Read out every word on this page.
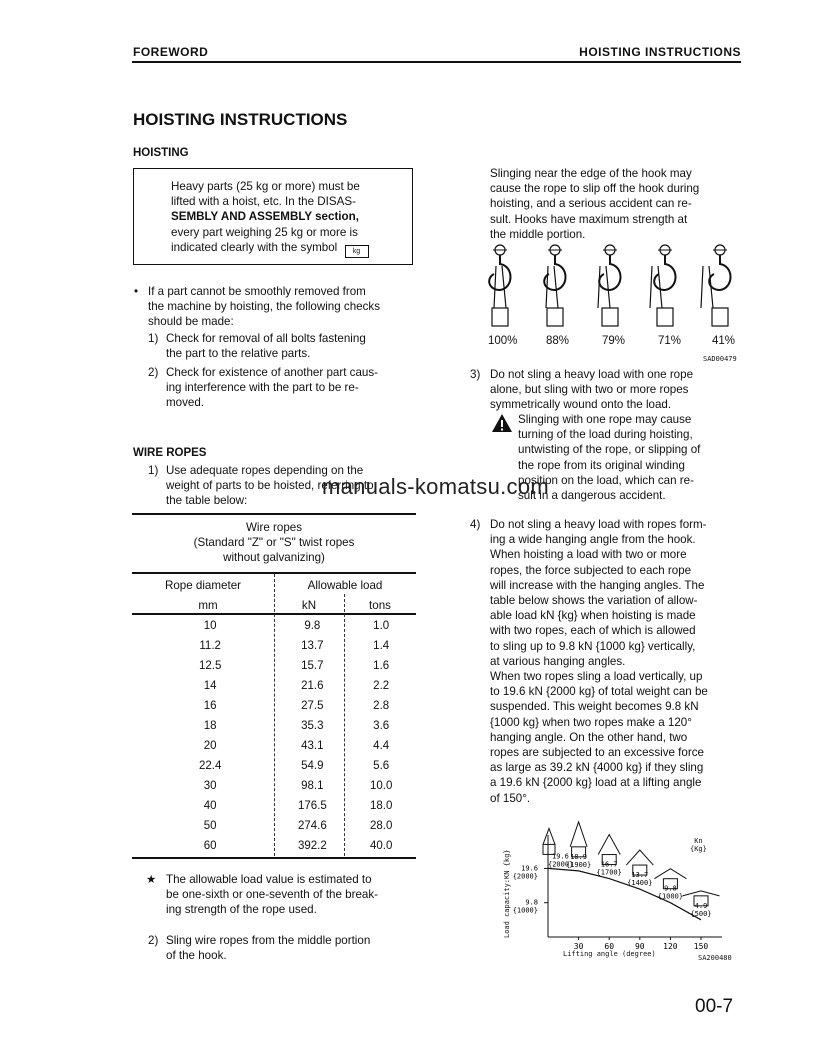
FOREWORD	HOISTING INSTRUCTIONS
HOISTING INSTRUCTIONS
HOISTING
Heavy parts (25 kg or more) must be
lifted with a hoist, etc. In the DISAS-
SEMBLY AND ASSEMBLY section,
every part weighing 25 kg or more is
indicated clearly with the symbol kg
• If a part cannot be smoothly removed from
the machine by hoisting, the following checks
should be made:
1) Check for removal of all bolts fastening
the part to the relative parts.
2) Check for existence of another part caus-
ing interference with the part to be re-
moved.
WIRE ROPES
1) Use adequate ropes depending on the
weight of parts to be hoisted, referring to
the table below:
Wire ropes
(Standard "Z" or "S" twist ropes
without galvanizing)
Rope diameter	Allowable load
mm	kN	tons
10	9.8	1.0
11.2	13.7	1.4
12.5	15.7	1.6
14	21.6	2.2
16	27.5	2.8
18	35.3	3.6
20	43.1	4.4
22.4	54.9	5.6
30	98.1	10.0
40	176.5	18.0
50	274.6	28.0
60	392.2	40.0
★ The allowable load value is estimated to
be one-sixth or one-seventh of the break-
ing strength of the rope used.
2) Sling wire ropes from the middle portion
of the hook.
Slinging near the edge of the hook may
cause the rope to slip off the hook during
hoisting, and a serious accident can re-
sult. Hooks have maximum strength at
the middle portion.
100% 88%	79%	71%	41%
SAD00479
3) Do not sling a heavy load with one rope
alone, but sling with two or more ropes
symmetrically wound onto the load.
Slinging with one rope may cause
turning of the load during hoisting,
untwisting of the rope, or slipping of
the rope from its original winding
position on the load, which can re-
sult in a dangerous accident.
4) Do not sling a heavy load with ropes form-
ing a wide hanging angle from the hook.
When hoisting a load with two or more
ropes, the force subjected to each rope
will increase with the hanging angles. The
table below shows the variation of allow-
able load kN {kg} when hoisting is made
with two ropes, each of which is allowed
to sling up to 9.8 kN {1000 kg} vertically,
at various hanging angles.
When two ropes sling a load vertically, up
to 19.6 kN {2000 kg} of total weight can be
suspended. This weight becomes 9.8 kN
{1000 kg} when two ropes make a 120°
hanging angle. On the other hand, two
ropes are subjected to an excessive force
as large as 39.2 kN {4000 kg} if they sling
a 19.6 kN {2000 kg} load at a lifting angle
of 150°.
30	60	90 120 150
19.6
{2000}
9.8
{1000}
18.9
{1900} 16.7
{1700} 13.7
{1400}
9.8
{1000}
4.9
{500}
19.6
{2000}
Load capacity:KN {kg}
Lifting angle (degree)	SA200480
Kn
{Kg}
manuals-komatsu.com
00-7
